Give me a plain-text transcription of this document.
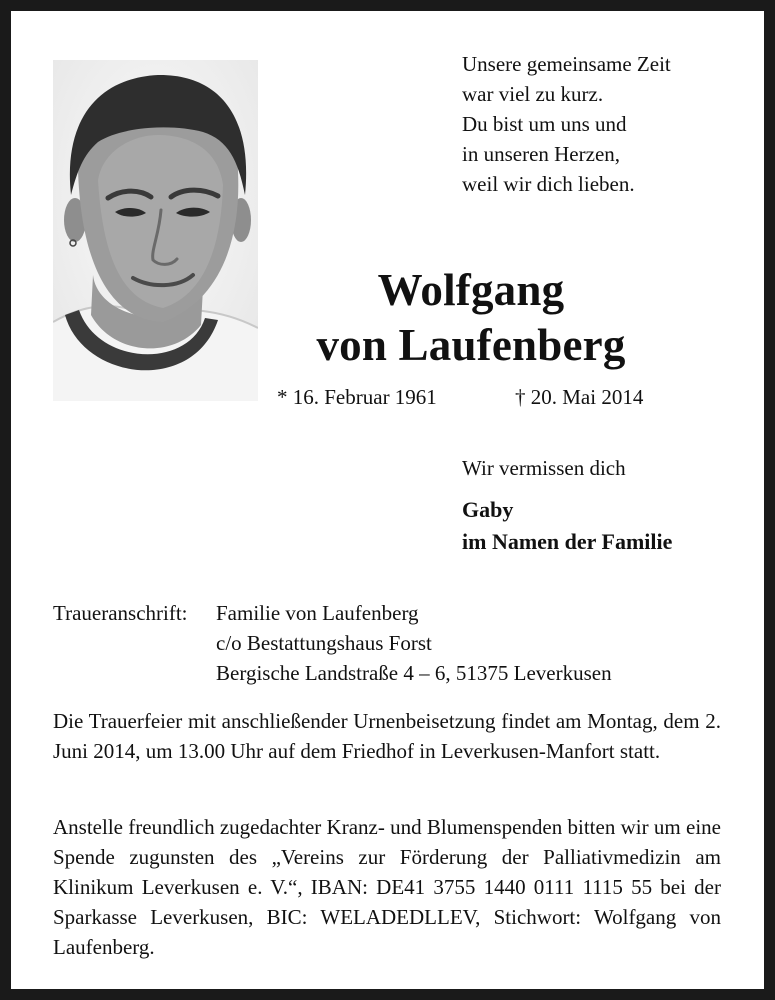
Unsere gemeinsame Zeit
war viel zu kurz.
Du bist um uns und
in unseren Herzen,
weil wir dich lieben.
Wolfgang
von Laufenberg
* 16. Februar 1961	† 20. Mai 2014
Wir vermissen dich
Gaby
im Namen der Familie
Traueranschrift: Familie von Laufenberg
c/o Bestattungshaus Forst
Bergische Landstraße 4 – 6, 51375 Leverkusen

Die Trauerfeier mit anschließender Urnenbeisetzung findet am Montag, dem 2. Juni 2014, um 13.00 Uhr auf dem Friedhof in Leverkusen-Manfort statt.

Anstelle freundlich zugedachter Kranz- und Blumenspenden bitten wir um eine Spende zugunsten des „Vereins zur Förderung der Palliativmedizin am Klinikum Leverkusen e. V.“, IBAN: DE41 3755 1440 0111 1115 55 bei der Sparkasse Leverkusen, BIC: WELADEDLLEV, Stichwort: Wolfgang von Laufenberg.
